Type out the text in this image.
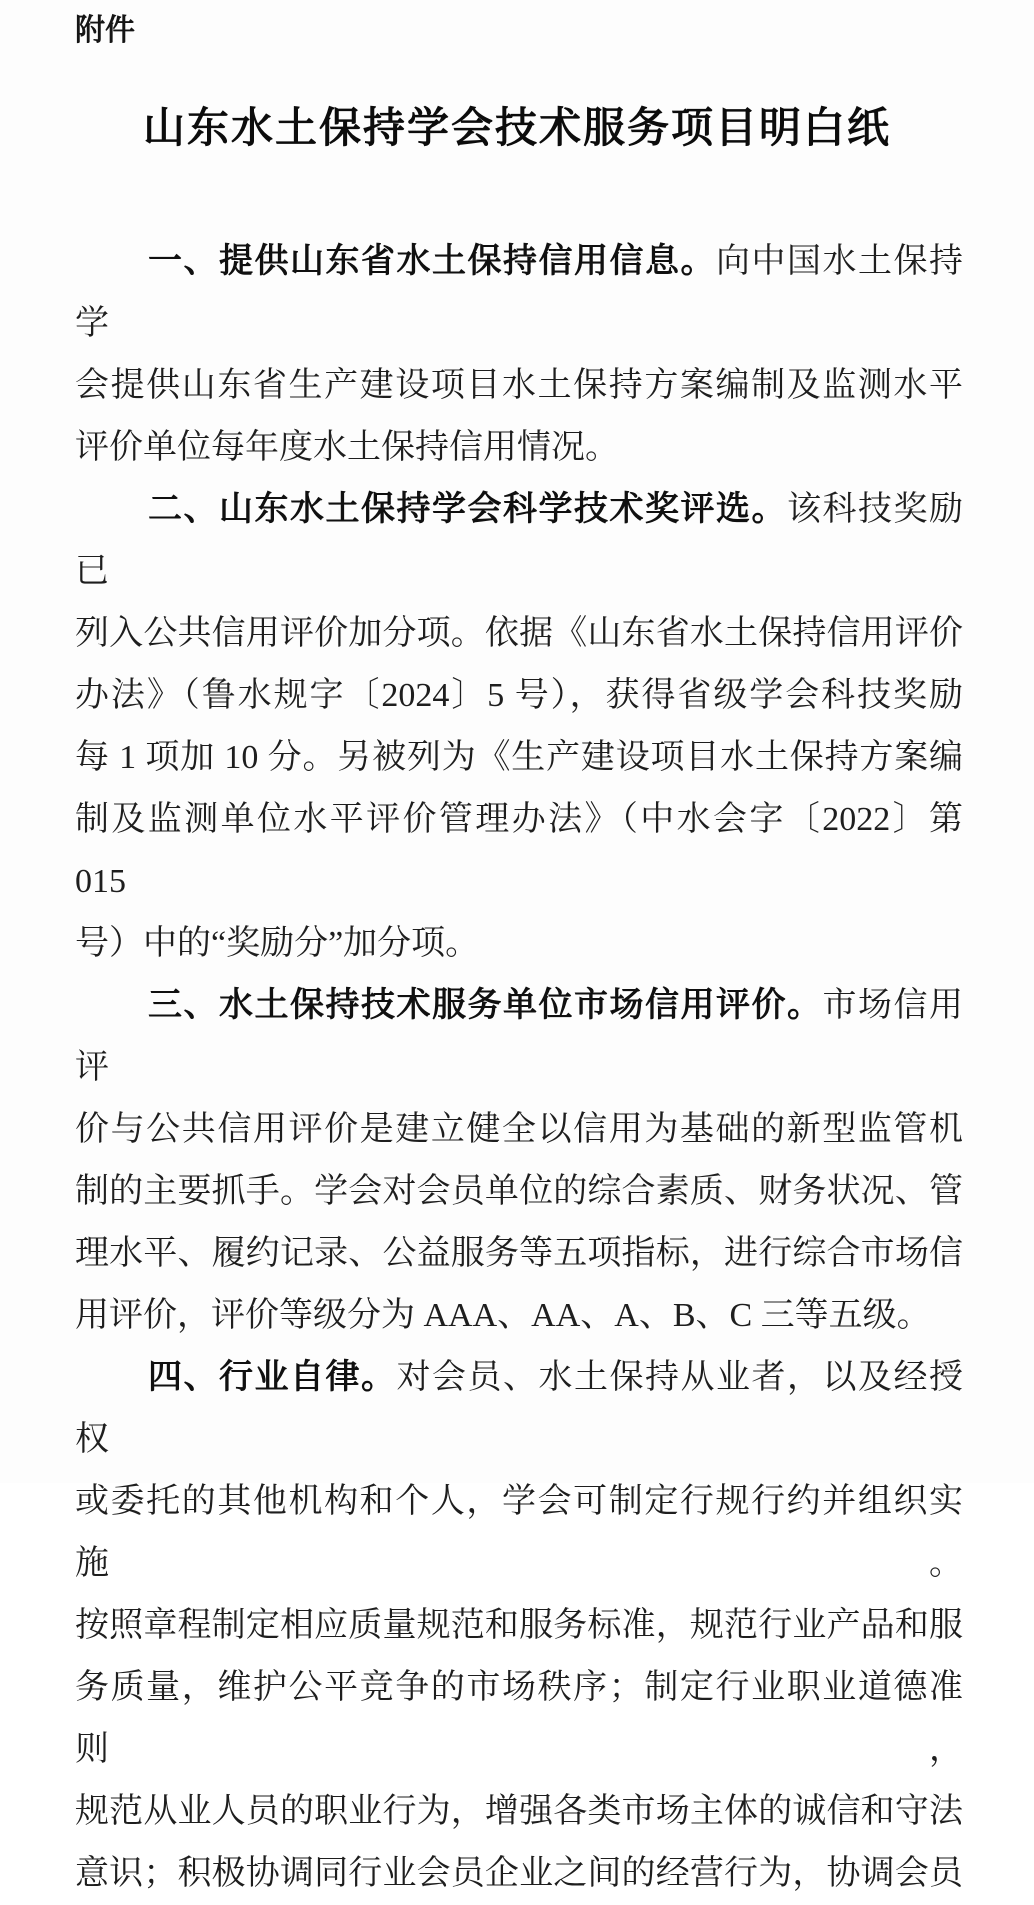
附件
山东水土保持学会技术服务项目明白纸
一、提供山东省水土保持信用信息。向中国水土保持学
会提供山东省生产建设项目水土保持方案编制及监测水平
评价单位每年度水土保持信用情况。
二、山东水土保持学会科学技术奖评选。该科技奖励已
列入公共信用评价加分项。依据《山东省水土保持信用评价
办法》（鲁水规字〔2024〕5 号），获得省级学会科技奖励
每 1 项加 10 分。另被列为《生产建设项目水土保持方案编
制及监测单位水平评价管理办法》（中水会字〔2022〕第 015
号）中的“奖励分”加分项。
三、水土保持技术服务单位市场信用评价。市场信用评
价与公共信用评价是建立健全以信用为基础的新型监管机
制的主要抓手。学会对会员单位的综合素质、财务状况、管
理水平、履约记录、公益服务等五项指标，进行综合市场信
用评价，评价等级分为 AAA、AA、A、B、C 三等五级。
四、行业自律。对会员、水土保持从业者，以及经授权
或委托的其他机构和个人，学会可制定行规行约并组织实施。
按照章程制定相应质量规范和服务标准，规范行业产品和服
务质量，维护公平竞争的市场秩序；制定行业职业道德准则，
规范从业人员的职业行为，增强各类市场主体的诚信和守法
意识；积极协调同行业会员企业之间的经营行为，协调会员
